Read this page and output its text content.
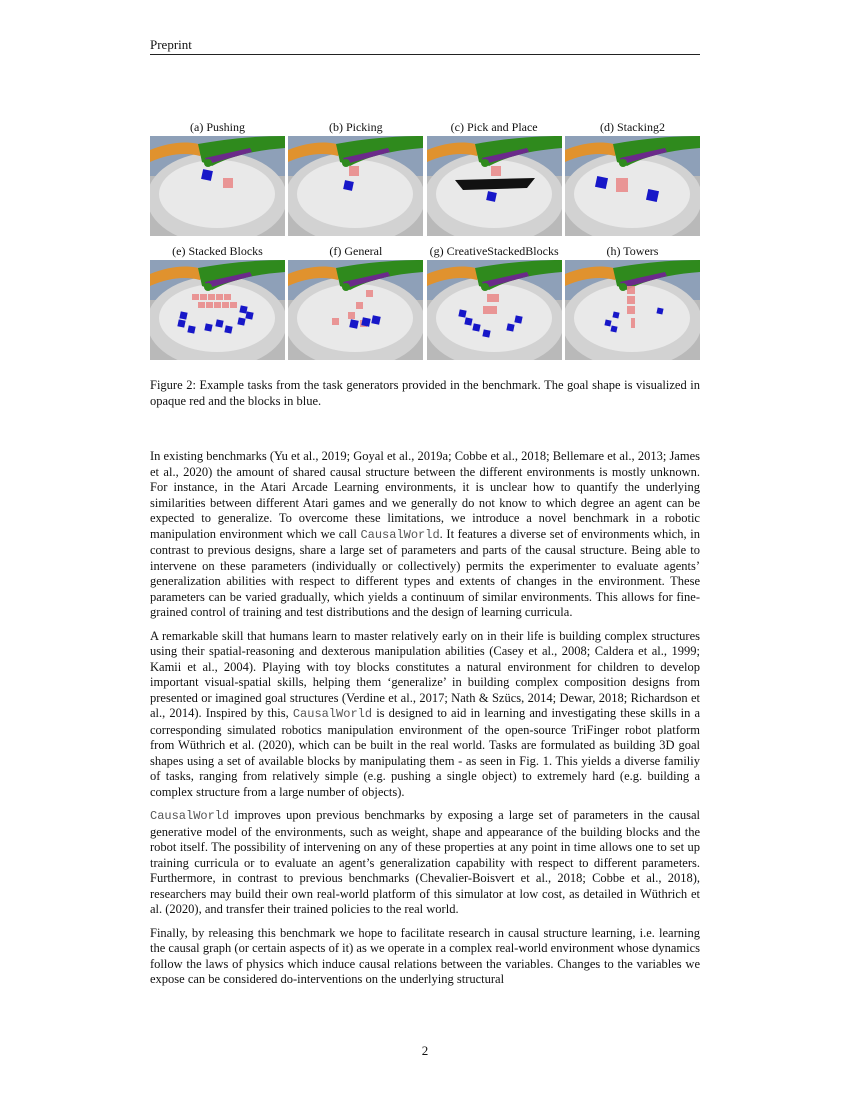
Preprint
(a) Pushing	(b) Picking	(c) Pick and Place	(d) Stacking2
(e) Stacked Blocks	(f) General	(g) CreativeStackedBlocks	(h) Towers
Figure 2: Example tasks from the task generators provided in the benchmark. The goal shape is visualized in opaque red and the blocks in blue.

In existing benchmarks (Yu et al., 2019; Goyal et al., 2019a; Cobbe et al., 2018; Bellemare et al., 2013; James et al., 2020) the amount of shared causal structure between the different environments is mostly unknown. For instance, in the Atari Arcade Learning environments, it is unclear how to quantify the underlying similarities between different Atari games and we generally do not know to which degree an agent can be expected to generalize. To overcome these limitations, we introduce a novel benchmark in a robotic manipulation environment which we call CausalWorld. It features a diverse set of environments which, in contrast to previous designs, share a large set of parameters and parts of the causal structure. Being able to intervene on these parameters (individually or collectively) permits the experimenter to evaluate agents’ generalization abilities with respect to different types and extents of changes in the environment. These parameters can be varied gradually, which yields a continuum of similar environments. This allows for fine-grained control of training and test distributions and the design of learning curricula.

A remarkable skill that humans learn to master relatively early on in their life is building complex structures using their spatial-reasoning and dexterous manipulation abilities (Casey et al., 2008; Caldera et al., 1999; Kamii et al., 2004). Playing with toy blocks constitutes a natural environment for children to develop important visual-spatial skills, helping them ‘generalize’ in building complex composition designs from presented or imagined goal structures (Verdine et al., 2017; Nath & Szücs, 2014; Dewar, 2018; Richardson et al., 2014). Inspired by this, CausalWorld is designed to aid in learning and investigating these skills in a corresponding simulated robotics manipulation environment of the open-source TriFinger robot platform from Wüthrich et al. (2020), which can be built in the real world. Tasks are formulated as building 3D goal shapes using a set of available blocks by manipulating them - as seen in Fig. 1. This yields a diverse familiy of tasks, ranging from relatively simple (e.g. pushing a single object) to extremely hard (e.g. building a complex structure from a large number of objects).

CausalWorld improves upon previous benchmarks by exposing a large set of parameters in the causal generative model of the environments, such as weight, shape and appearance of the building blocks and the robot itself. The possibility of intervening on any of these properties at any point in time allows one to set up training curricula or to evaluate an agent’s generalization capability with respect to different parameters. Furthermore, in contrast to previous benchmarks (Chevalier-Boisvert et al., 2018; Cobbe et al., 2018), researchers may build their own real-world platform of this simulator at low cost, as detailed in Wüthrich et al. (2020), and transfer their trained policies to the real world.

Finally, by releasing this benchmark we hope to facilitate research in causal structure learning, i.e. learning the causal graph (or certain aspects of it) as we operate in a complex real-world environment whose dynamics follow the laws of physics which induce causal relations between the variables. Changes to the variables we expose can be considered do-interventions on the underlying structural

2
